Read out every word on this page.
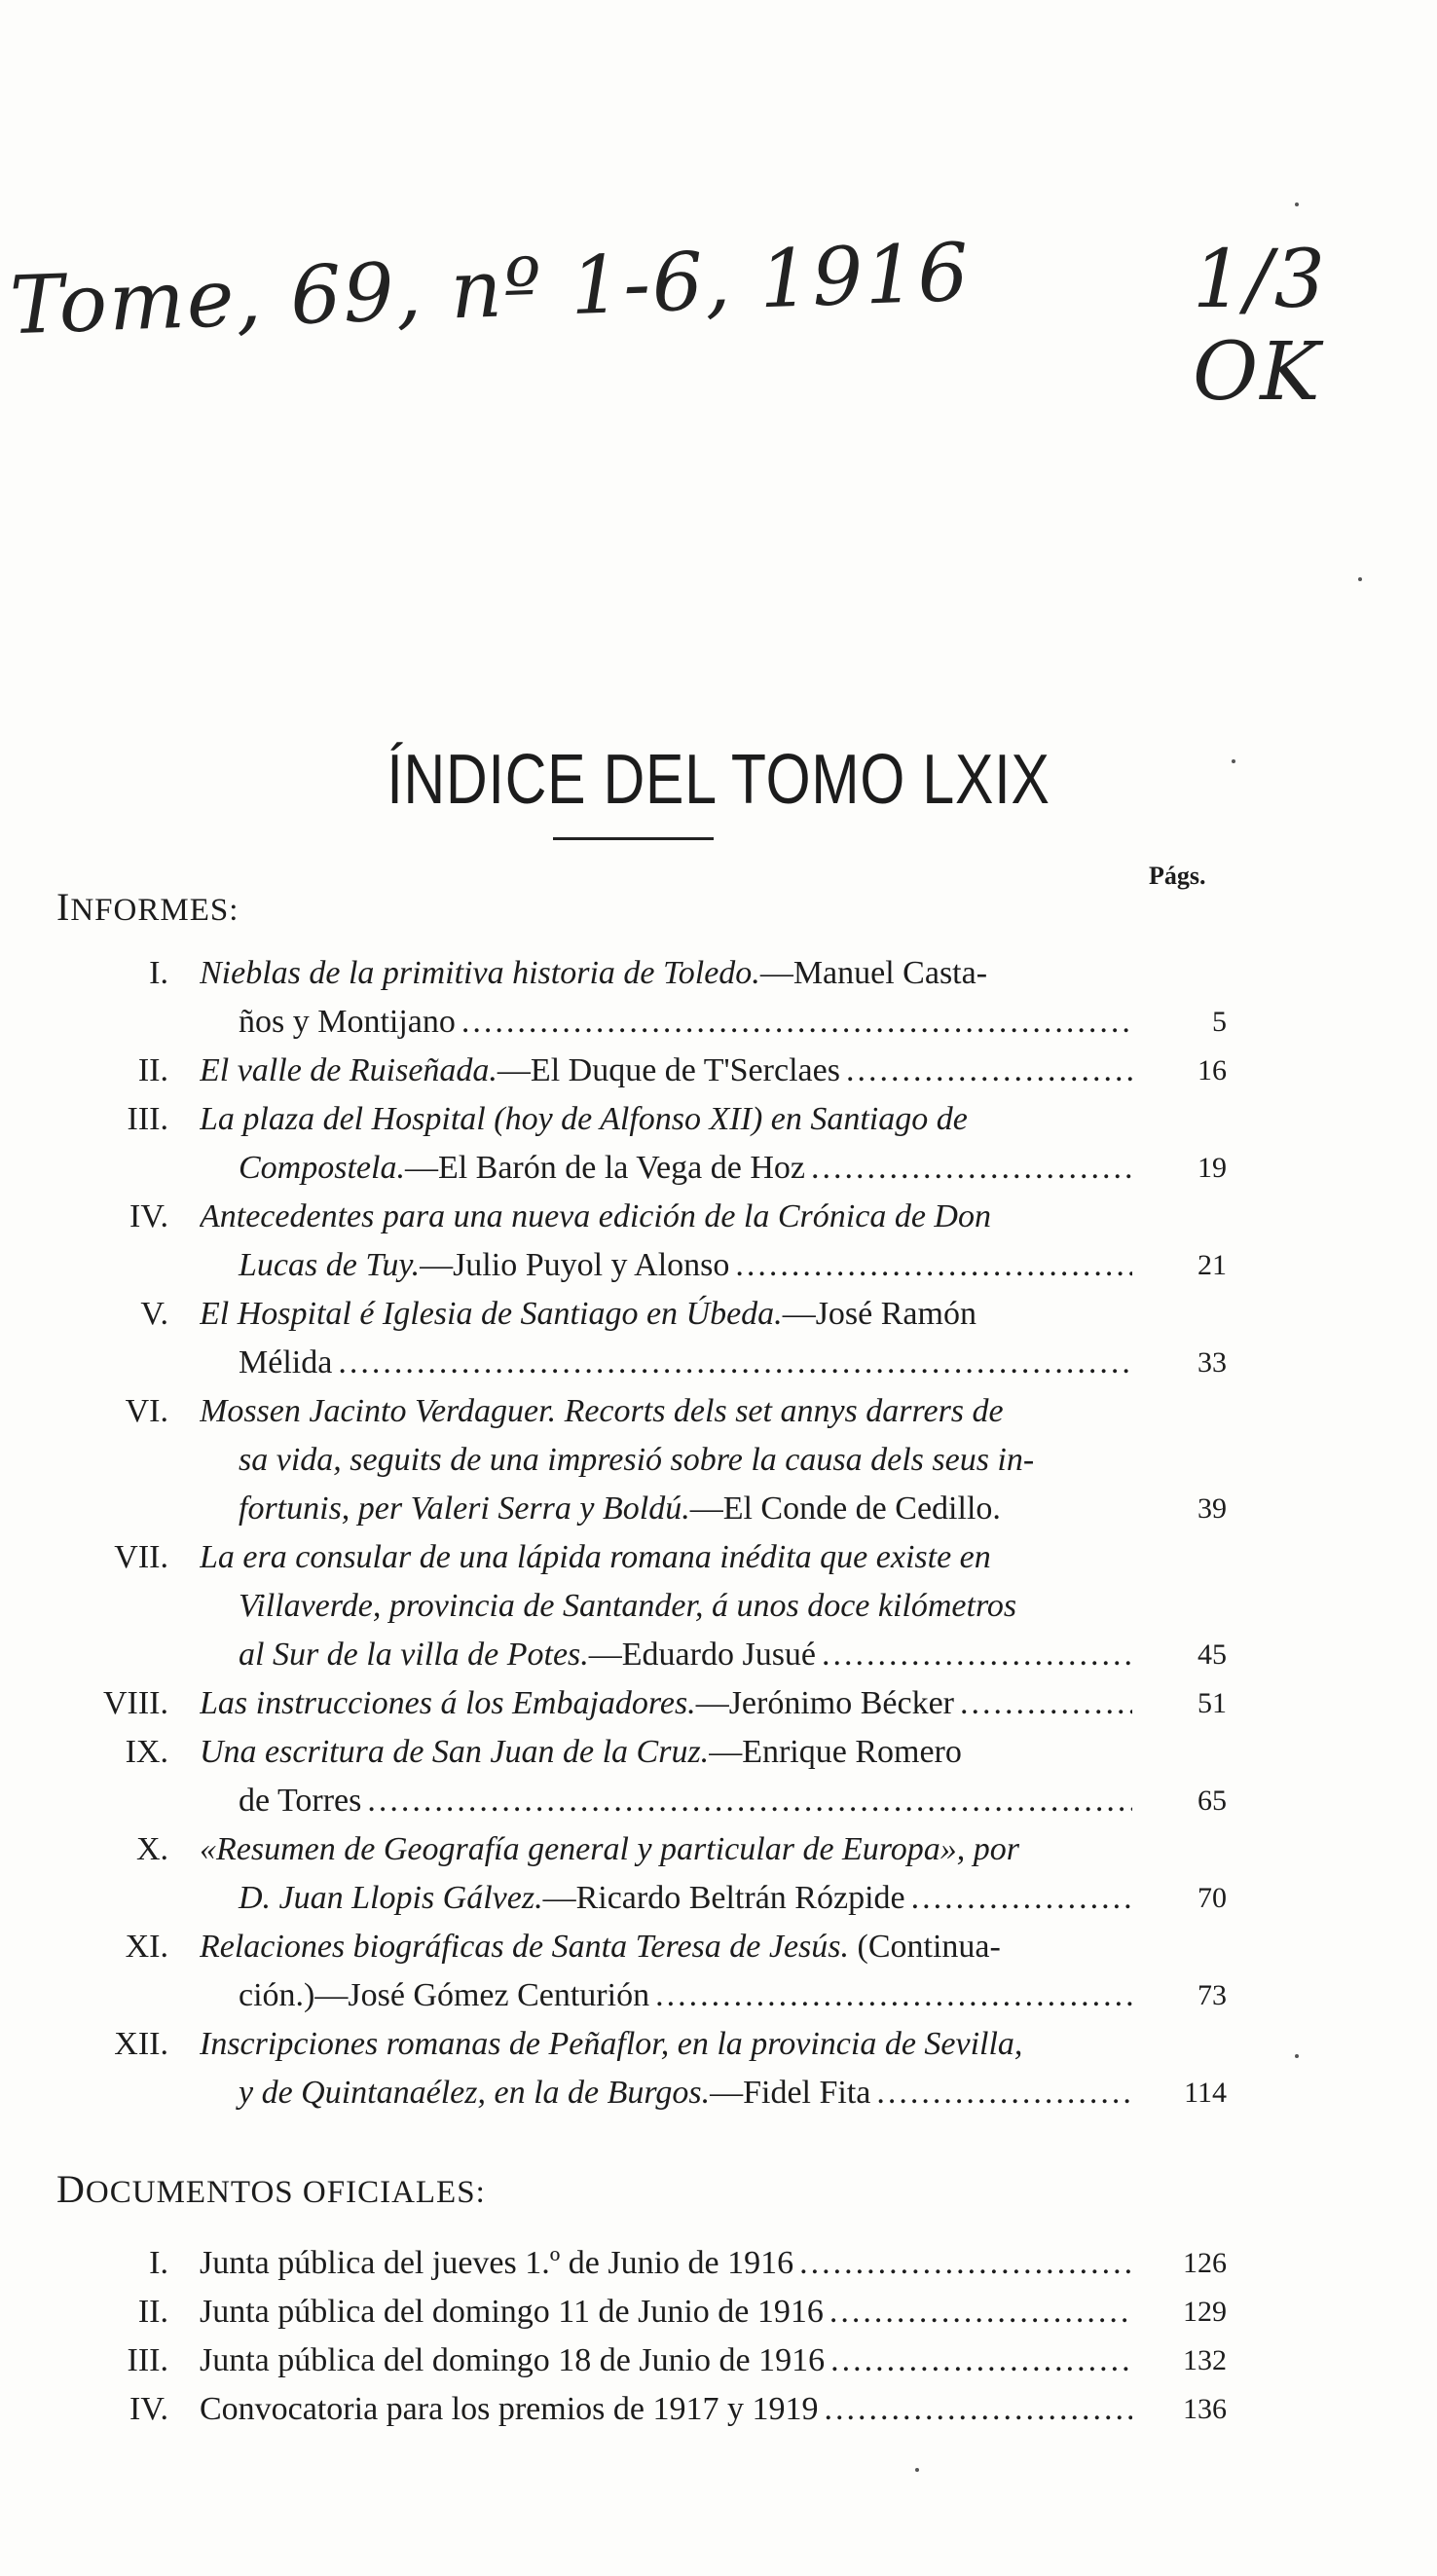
Tome, 69, nº 1-6, 1916	1/3 OK
ÍNDICE DEL TOMO LXIX
Págs.
INFORMES:
I. Nieblas de la primitiva historia de Toledo.—Manuel Casta-
ños y Montijano .....	5
II. El valle de Ruiseñada. —El Duque de T'Serclaes .....	16
III. La plaza del Hospital (hoy de Alfonso XII) en Santiago de
Compostela. —El Barón de la Vega de Hoz .....	19
IV. Antecedentes para una nueva edición de la Crónica de Don
Lucas de Tuy. —Julio Puyol y Alonso .....	21
V. El Hospital é Iglesia de Santiago en Úbeda.—José Ramón
Mélida .....	33
VI. Mossen Jacinto Verdaguer. Recorts dels set annys darrers de
sa vida, seguits de una impresió sobre la causa dels seus in-
fortunis, per Valeri Serra y Boldú.—El Conde de Cedillo.	39
VII. La era consular de una lápida romana inédita que existe en
Villaverde, provincia de Santander, á unos doce kilómetros
al Sur de la villa de Potes. —Eduardo Jusué .....	45
VIII. Las instrucciones á los Embajadores. —Jerónimo Bécker .....	51
IX. Una escritura de San Juan de la Cruz.—Enrique Romero
de Torres .....	65
X. «Resumen de Geografía general y particular de Europa», por
D. Juan Llopis Gálvez. —Ricardo Beltrán Rózpide .....	70
XI. Relaciones biográficas de Santa Teresa de Jesús. (Continua-
ción.)—José Gómez Centurión .....	73
XII. Inscripciones romanas de Peñaflor, en la provincia de Sevilla,
y de Quintanaélez, en la de Burgos. —Fidel Fita .....	114
DOCUMENTOS OFICIALES:
I. Junta pública del jueves 1.º de Junio de 1916 .....	126
II. Junta pública del domingo 11 de Junio de 1916 .....	129
III. Junta pública del domingo 18 de Junio de 1916 .....	132
IV. Convocatoria para los premios de 1917 y 1919 .....	136
